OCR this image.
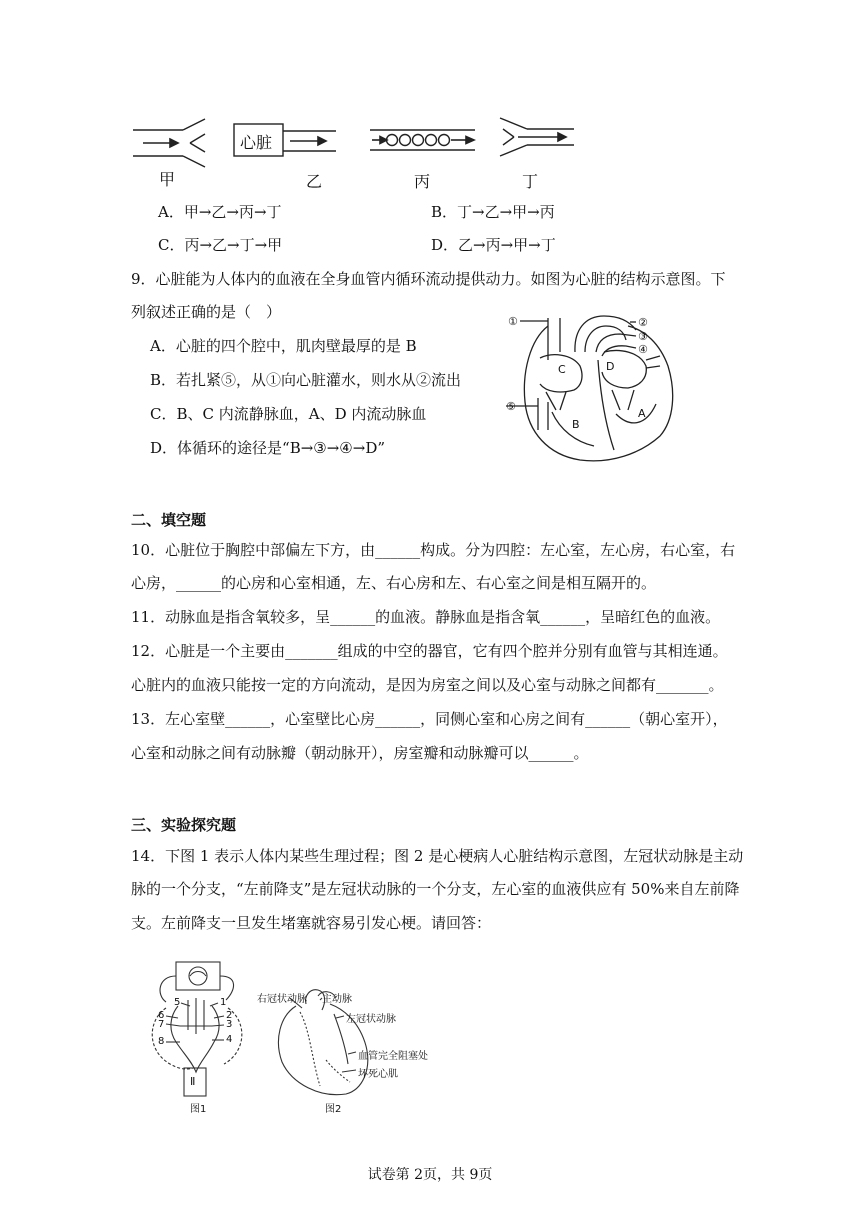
心脏
甲	乙	丙	丁
A．甲→乙→丙→丁	B．丁→乙→甲→丙
C．丙→乙→丁→甲	D．乙→丙→甲→丁
9．心脏能为人体内的血液在全身血管内循环流动提供动力。如图为心脏的结构示意图。下
列叙述正确的是（　）
A．心脏的四个腔中，肌肉壁最厚的是 B
B．若扎紧⑤，从①向心脏灌水，则水从②流出
C．B、C 内流静脉血，A、D 内流动脉血
D．体循环的途径是“B→③→④→D”
①	②
③
④
⑤
C	D
B
A
二、填空题
10．心脏位于胸腔中部偏左下方，由______构成。分为四腔：左心室，左心房，右心室，右
心房，______的心房和心室相通，左、右心房和左、右心室之间是相互隔开的。
11．动脉血是指含氧较多，呈______的血液。静脉血是指含氧______，呈暗红色的血液。
12．心脏是一个主要由_______组成的中空的器官，它有四个腔并分别有血管与其相连通。
心脏内的血液只能按一定的方向流动，是因为房室之间以及心室与动脉之间都有_______。
13．左心室壁______，心室壁比心房______，同侧心室和心房之间有______（朝心室开），
心室和动脉之间有动脉瓣（朝动脉开），房室瓣和动脉瓣可以______。
三、实验探究题
14．下图 1 表示人体内某些生理过程；图 2 是心梗病人心脏结构示意图，左冠状动脉是主动
脉的一个分支，“左前降支”是左冠状动脉的一个分支，左心室的血液供应有 50%来自左前降
支。左前降支一旦发生堵塞就容易引发心梗。请回答：
5	1
6	2
7	3
8	4
Ⅱ
图1
右冠状动脉 主动脉
左冠状动脉
血管完全阻塞处
坏死心肌
图2
试卷第 2页，共 9页
